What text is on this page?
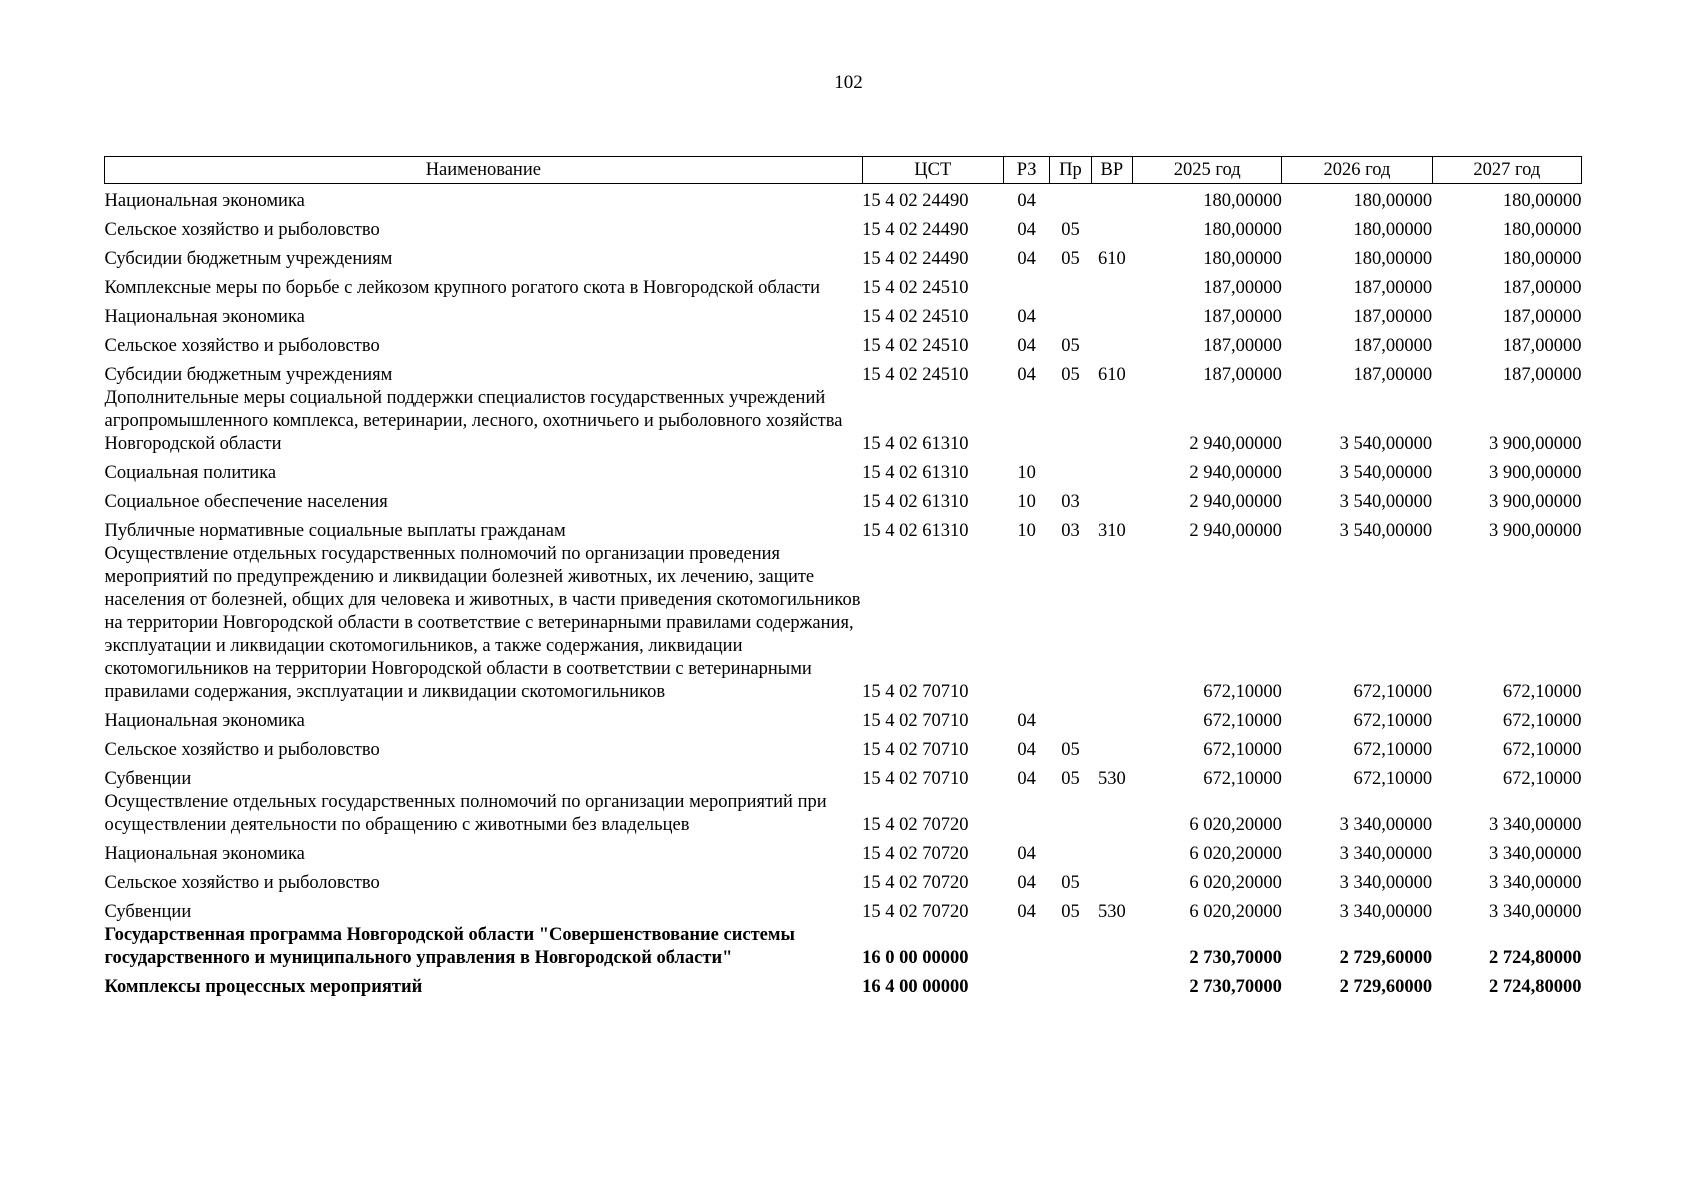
102
Наименование	ЦСТ	РЗ	Пр	ВР	2025 год	2026 год	2027 год
Национальная экономика	15 4 02 24490	04			180,00000	180,00000	180,00000
Сельское хозяйство и рыболовство	15 4 02 24490	04	05		180,00000	180,00000	180,00000
Субсидии бюджетным учреждениям	15 4 02 24490	04	05	610	180,00000	180,00000	180,00000
Комплексные меры по борьбе с лейкозом крупного рогатого скота в Новгородской области	15 4 02 24510				187,00000	187,00000	187,00000
Национальная экономика	15 4 02 24510	04			187,00000	187,00000	187,00000
Сельское хозяйство и рыболовство	15 4 02 24510	04	05		187,00000	187,00000	187,00000
Субсидии бюджетным учреждениям	15 4 02 24510	04	05	610	187,00000	187,00000	187,00000
Дополнительные меры социальной поддержки специалистов государственных учреждений агропромышленного комплекса, ветеринарии, лесного, охотничьего и рыболовного хозяйства Новгородской области	15 4 02 61310				2 940,00000	3 540,00000	3 900,00000
Социальная политика	15 4 02 61310	10			2 940,00000	3 540,00000	3 900,00000
Социальное обеспечение населения	15 4 02 61310	10	03		2 940,00000	3 540,00000	3 900,00000
Публичные нормативные социальные выплаты гражданам	15 4 02 61310	10	03	310	2 940,00000	3 540,00000	3 900,00000
Осуществление отдельных государственных полномочий по организации проведения мероприятий по предупреждению и ликвидации болезней животных, их лечению, защите населения от болезней, общих для человека и животных, в части приведения скотомогильников на территории Новгородской области в соответствие с ветеринарными правилами содержания, эксплуатации и ликвидации скотомогильников, а также содержания, ликвидации скотомогильников на территории Новгородской области в соответствии с ветеринарными правилами содержания, эксплуатации и ликвидации скотомогильников	15 4 02 70710				672,10000	672,10000	672,10000
Национальная экономика	15 4 02 70710	04			672,10000	672,10000	672,10000
Сельское хозяйство и рыболовство	15 4 02 70710	04	05		672,10000	672,10000	672,10000
Субвенции	15 4 02 70710	04	05	530	672,10000	672,10000	672,10000
Осуществление отдельных государственных полномочий по организации мероприятий при осуществлении деятельности по обращению с животными без владельцев	15 4 02 70720				6 020,20000	3 340,00000	3 340,00000
Национальная экономика	15 4 02 70720	04			6 020,20000	3 340,00000	3 340,00000
Сельское хозяйство и рыболовство	15 4 02 70720	04	05		6 020,20000	3 340,00000	3 340,00000
Субвенции	15 4 02 70720	04	05	530	6 020,20000	3 340,00000	3 340,00000
Государственная программа Новгородской области "Совершенствование системы государственного и муниципального управления в Новгородской области"	16 0 00 00000				2 730,70000	2 729,60000	2 724,80000
Комплексы процессных мероприятий	16 4 00 00000				2 730,70000	2 729,60000	2 724,80000
